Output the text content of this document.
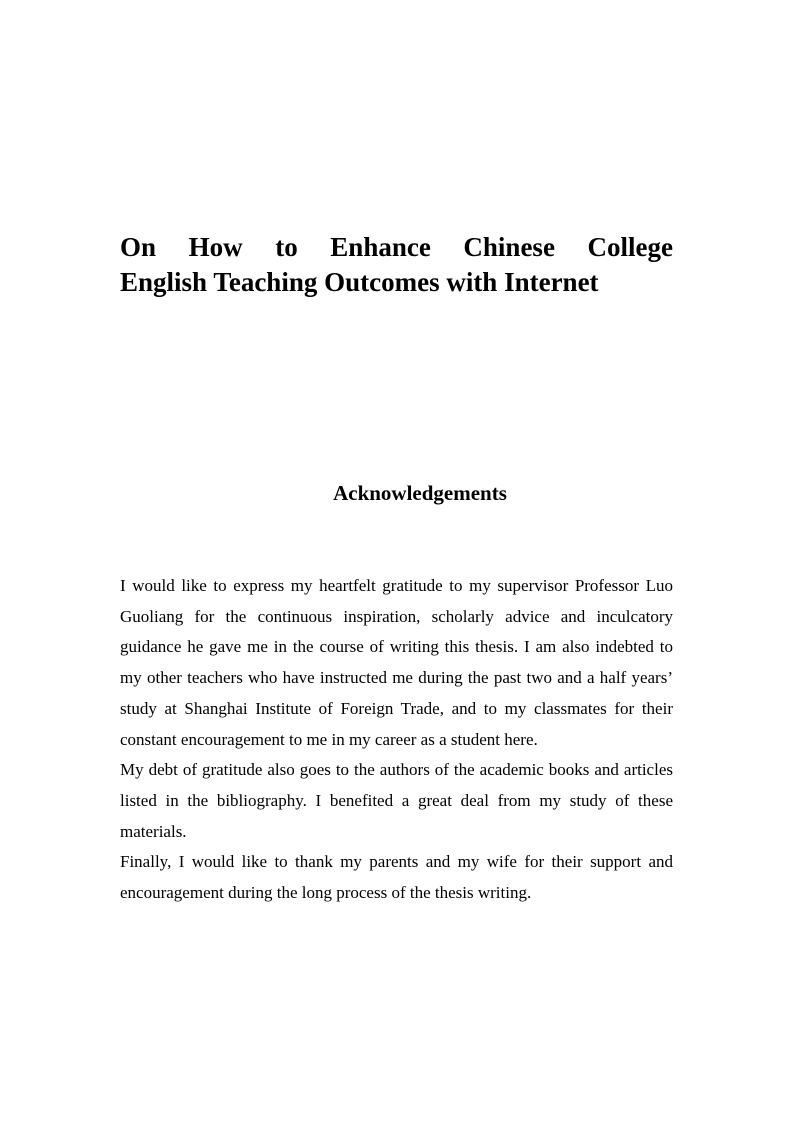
On How to Enhance Chinese College
English Teaching Outcomes with Internet
Acknowledgements

I would like to express my heartfelt gratitude to my supervisor Professor Luo Guoliang for the continuous inspiration, scholarly advice and inculcatory guidance he gave me in the course of writing this thesis. I am also indebted to my other teachers who have instructed me during the past two and a half years’ study at Shanghai Institute of Foreign Trade, and to my classmates for their constant encouragement to me in my career as a student here.

My debt of gratitude also goes to the authors of the academic books and articles listed in the bibliography. I benefited a great deal from my study of these materials.

Finally, I would like to thank my parents and my wife for their support and encouragement during the long process of the thesis writing.
